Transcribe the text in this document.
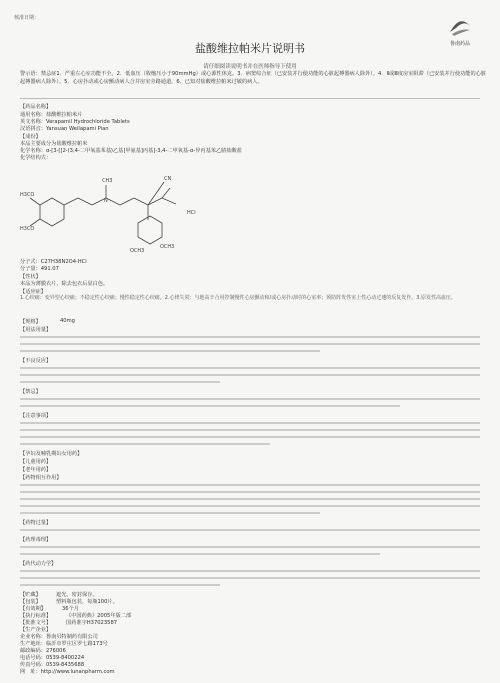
核准日期：
鲁南药品
盐酸维拉帕米片说明书
请仔细阅读说明书并在医师指导下使用
警示语：禁忌症1．严重左心室功能不全。2．低血压（收缩压小于90mmHg）或心源性休克。3．病窦综合征（已安装并行使功能的心脏起搏器病人除外）。4．Ⅱ或Ⅲ度房室阻滞（已安装并行使功能的心脏起搏器病人除外）。5．心房扑动或心房颤动病人合并房室旁路通道。6．已知对盐酸维拉帕米过敏的病人。
【药品名称】
通用名称：盐酸维拉帕米片
英文名称：Verapamil Hydrochloride Tablets
汉语拼音：Yansuan Weilapami Pian
【成份】
本品主要成分为盐酸维拉帕米
化学名称：α-[3-[[2-(3,4-二甲氧基苯基)乙基]甲氨基]丙基]-3,4-二甲氧基-α-异丙基苯乙腈盐酸盐
化学结构式：
H3CO
H3CO
CH3
N
CN
OCH3
OCH3
HCl
分子式：C27H38N2O4·HCl
分子量：491.07
【性状】
本品为薄膜衣片，除去包衣后显白色。
【适应症】
1.心绞痛：变异型心绞痛；不稳定性心绞痛；慢性稳定性心绞痛。2.心律失常：与地高辛合用控制慢性心房颤动和/或心房扑动时的心室率；预防阵发性室上性心动过速的反复发作。3.原发性高血压。
【规格】	40mg
【用法用量】
【不良反应】
【禁忌】
【注意事项】
【孕妇及哺乳期妇女用药】
【儿童用药】
【老年用药】
【药物相互作用】
【药物过量】
【药理毒理】
【药代动力学】
【贮藏】	遮光，密封保存。
【包装】	塑料瓶包装，每瓶100片。
【有效期】	36个月
【执行标准】	《中国药典》2005年版二部
【批准文号】	国药准字H37023587
【生产企业】
企业名称：鲁南贝特制药有限公司
生产地址：临沂市罗庄区罗七路173号
邮政编码：276006
电话号码：0539-8400224
传真号码：0539-8435688
网　址：http://www.lunanpharm.com
